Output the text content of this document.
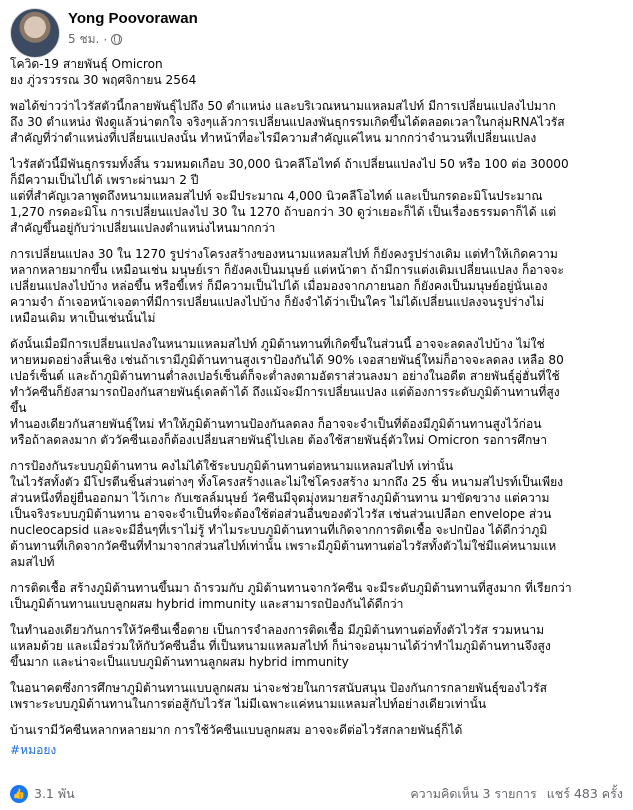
Yong Poovorawan
5 ชม. ·

โควิด-19 สายพันธุ์ Omicron
ยง ภู่วรวรรณ 30 พฤศจิกายน 2564

พอได้ข่าวว่าไวรัสตัวนี้กลายพันธุ์ไปถึง 50 ตำแหน่ง และบริเวณหนามแหลมสไปท์ มีการเปลี่ยนแปลงไปมาก
ถึง 30 ตำแหน่ง ฟังดูแล้วน่าตกใจ จริงๆแล้วการเปลี่ยนแปลงพันธุกรรมเกิดขึ้นได้ตลอดเวลาในกลุ่มRNAไวรัส
สำคัญที่ว่าตำแหน่งที่เปลี่ยนแปลงนั้น ทำหน้าที่อะไรมีความสำคัญแค่ไหน มากกว่าจำนวนที่เปลี่ยนแปลง

ไวรัสตัวนี้มีพันธุกรรมทั้งสิ้น รวมหมดเกือบ 30,000 นิวคลีโอไทด์ ถ้าเปลี่ยนแปลงไป 50 หรือ 100 ต่อ 30000
ก็มีความเป็นไปได้ เพราะผ่านมา 2 ปี
แต่ที่สำคัญเวลาพูดถึงหนามแหลมสไปท์ จะมีประมาณ 4,000 นิวคลีโอไทด์ และเป็นกรดอะมิโนประมาณ
1,270 กรดอะมิโน การเปลี่ยนแปลงไป 30 ใน 1270 ถ้าบอกว่า 30 ดูว่าเยอะก็ได้ เป็นเรื่องธรรมดาก็ได้ แต่
สำคัญขึ้นอยู่กับว่าเปลี่ยนแปลงตำแหน่งไหนมากกว่า

การเปลี่ยนแปลง 30 ใน 1270 รูปร่างโครงสร้างของหนามแหลมสไปท์ ก็ยังคงรูปร่างเดิม แต่ทำให้เกิดความ
หลากหลายมากขึ้น เหมือนเช่น มนุษย์เรา ก็ยังคงเป็นมนุษย์ แต่หน้าตา ถ้ามีการแต่งเติมเปลี่ยนแปลง ก็อาจจะ
เปลี่ยนแปลงไปบ้าง หล่อขึ้น หรือขี้เหร่ ก็มีความเป็นไปได้ เมื่อมองจากภายนอก ก็ยังคงเป็นมนุษย์อยู่นั่นเอง
ความจำ ถ้าเจอหน้าเจอตาที่มีการเปลี่ยนแปลงไปบ้าง ก็ยังจำได้ว่าเป็นใคร ไม่ได้เปลี่ยนแปลงจนรูปร่างไม่
เหมือนเดิม หาเป็นเช่นนั้นไม่

ดังนั้นเมื่อมีการเปลี่ยนแปลงในหนามแหลมสไปท์ ภูมิต้านทานที่เกิดขึ้นในส่วนนี้ อาจจะลดลงไปบ้าง ไม่ใช่
หายหมดอย่างสิ้นเชิง เช่นถ้าเรามีภูมิต้านทานสูงเราป้องกันได้ 90% เจอสายพันธุ์ใหม่ก็อาจจะลดลง เหลือ 80
เปอร์เซ็นต์ และถ้าภูมิต้านทานต่ำลงเปอร์เซ็นต์ก็จะต่ำลงตามอัตราส่วนลงมา อย่างในอดีต สายพันธุ์อู่ฮั่นที่ใช้
ทำวัคซีนก็ยังสามารถป้องกันสายพันธุ์เดลต้าได้ ถึงแม้จะมีการเปลี่ยนแปลง แต่ต้องการระดับภูมิต้านทานที่สูง
ขึ้น
ทำนองเดียวกันสายพันธุ์ใหม่ ทำให้ภูมิต้านทานป้องกันลดลง ก็อาจจะจำเป็นที่ต้องมีภูมิต้านทานสูงไว้ก่อน
หรือถ้าลดลงมาก ตัววัคซีนเองก็ต้องเปลี่ยนสายพันธุ์ไปเลย ต้องใช้สายพันธุ์ตัวใหม่ Omicron รอการศึกษา

การป้องกันระบบภูมิต้านทาน คงไม่ได้ใช้ระบบภูมิต้านทานต่อหนามแหลมสไปท์ เท่านั้น
ในไวรัสทั้งตัว มีโปรตีนชิ้นส่วนต่างๆ ทั้งโครงสร้างและไม่ใช่โครงสร้าง มากถึง 25 ชิ้น หนามสไปรท์เป็นเพียง
ส่วนหนึ่งที่อยู่ยื่นออกมา ไว้เกาะ กับเซลล์มนุษย์ วัคซีนมีจุดมุ่งหมายสร้างภูมิต้านทาน มาขัดขวาง แต่ความ
เป็นจริงระบบภูมิต้านทาน อาจจะจำเป็นที่จะต้องใช้ต่อส่วนอื่นของตัวไวรัส เช่นส่วนเปลือก envelope ส่วน
nucleocapsid และจะมีอื่นๆที่เราไม่รู้ ทำไมระบบภูมิต้านทานที่เกิดจากการติดเชื้อ จะปกป้อง ได้ดีกว่าภูมิ
ต้านทานที่เกิดจากวัคซีนที่ทำมาจากส่วนสไปท์เท่านั้น เพราะมีภูมิต้านทานต่อไวรัสทั้งตัวไม่ใช่มีแค่หนามแห
ลมสไปท์

การติดเชื้อ สร้างภูมิต้านทานขึ้นมา ถ้ารวมกับ ภูมิต้านทานจากวัคซีน จะมีระดับภูมิต้านทานที่สูงมาก ที่เรียกว่า
เป็นภูมิต้านทานแบบลูกผสม hybrid immunity และสามารถป้องกันได้ดีกว่า

ในทำนองเดียวกันการให้วัคซีนเชื้อตาย เป็นการจำลองการติดเชื้อ มีภูมิต้านทานต่อทั้งตัวไวรัส รวมหนาม
แหลมด้วย และเมื่อร่วมให้กับวัคซีนอื่น ที่เป็นหนามแหลมสไปท์ ก็น่าจะอนุมานได้ว่าทำไมภูมิต้านทานจึงสูง
ขึ้นมาก และน่าจะเป็นแบบภูมิต้านทานลูกผสม hybrid immunity

ในอนาคตซึ่งการศึกษาภูมิต้านทานแบบลูกผสม น่าจะช่วยในการสนับสนุน ป้องกันการกลายพันธุ์ของไวรัส
เพราะระบบภูมิต้านทานในการต่อสู้กับไวรัส ไม่มีเฉพาะแค่หนามแหลมสไปท์อย่างเดียวเท่านั้น

บ้านเรามีวัคซีนหลากหลายมาก การใช้วัคซีนแบบลูกผสม อาจจะดีต่อไวรัสกลายพันธุ์ก็ได้

#หมอยง
👍 3.1 พัน	ความคิดเห็น 3 รายการ แชร์ 483 ครั้ง
